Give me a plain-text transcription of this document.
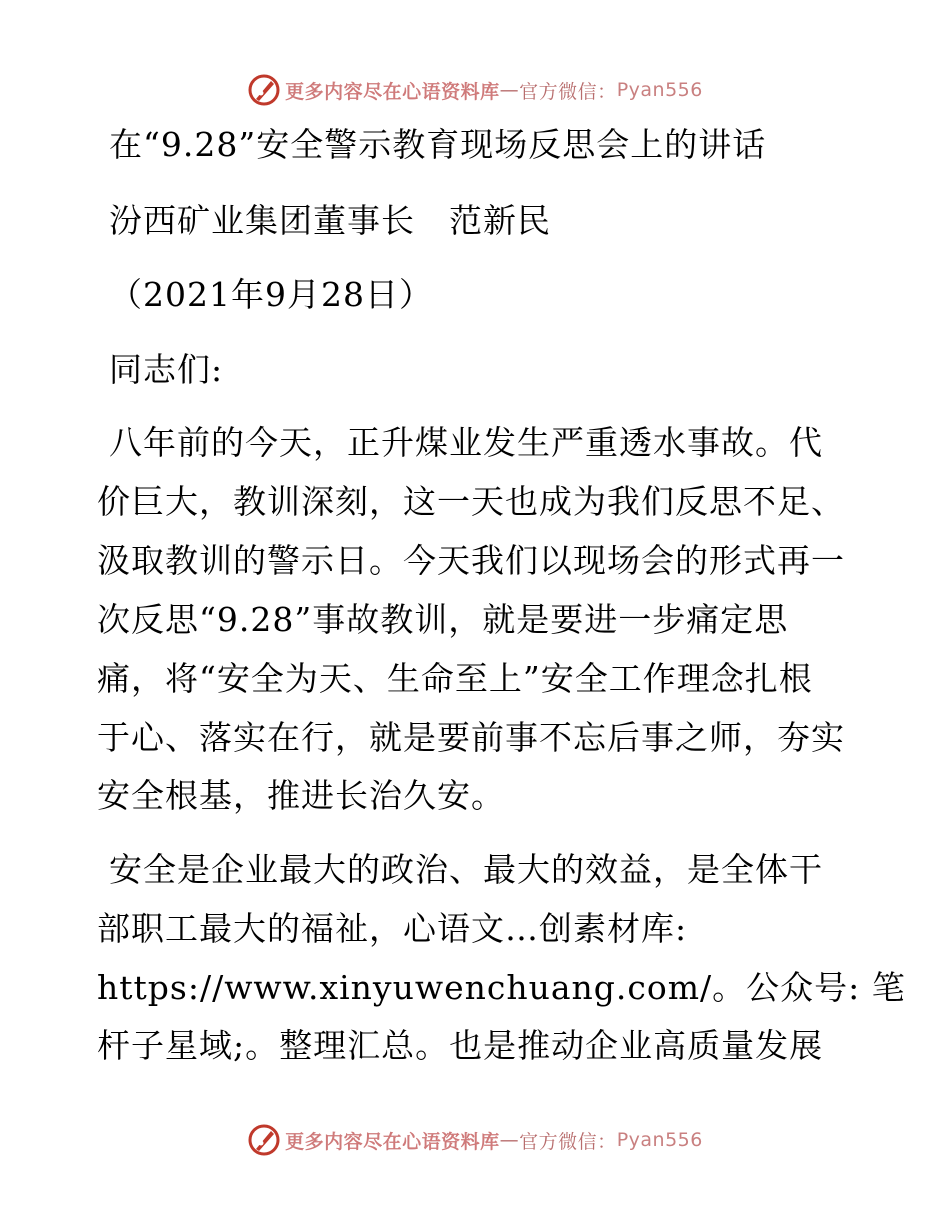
更多内容尽在心语资料库 — 官方微信： Pyan556
在“9.28”安全警示教育现场反思会上的讲话
汾西矿业集团董事长　范新民
（2021年9月28日）
同志们:
八年前的今天，正升煤业发生严重透水事故。代
价巨大，教训深刻，这一天也成为我们反思不足、
汲取教训的警示日。今天我们以现场会的形式再一
次反思“9.28”事故教训，就是要进一步痛定思
痛，将“安全为天、生命至上”安全工作理念扎根
于心、落实在行，就是要前事不忘后事之师，夯实
安全根基，推进长治久安。
安全是企业最大的政治、最大的效益，是全体干
部职工最大的福祉，心语文…创素材库:
https://www.xinyuwenchuang.com/。公众号: 笔
杆子星域;。整理汇总。也是推动企业高质量发展
更多内容尽在心语资料库 — 官方微信： Pyan556
